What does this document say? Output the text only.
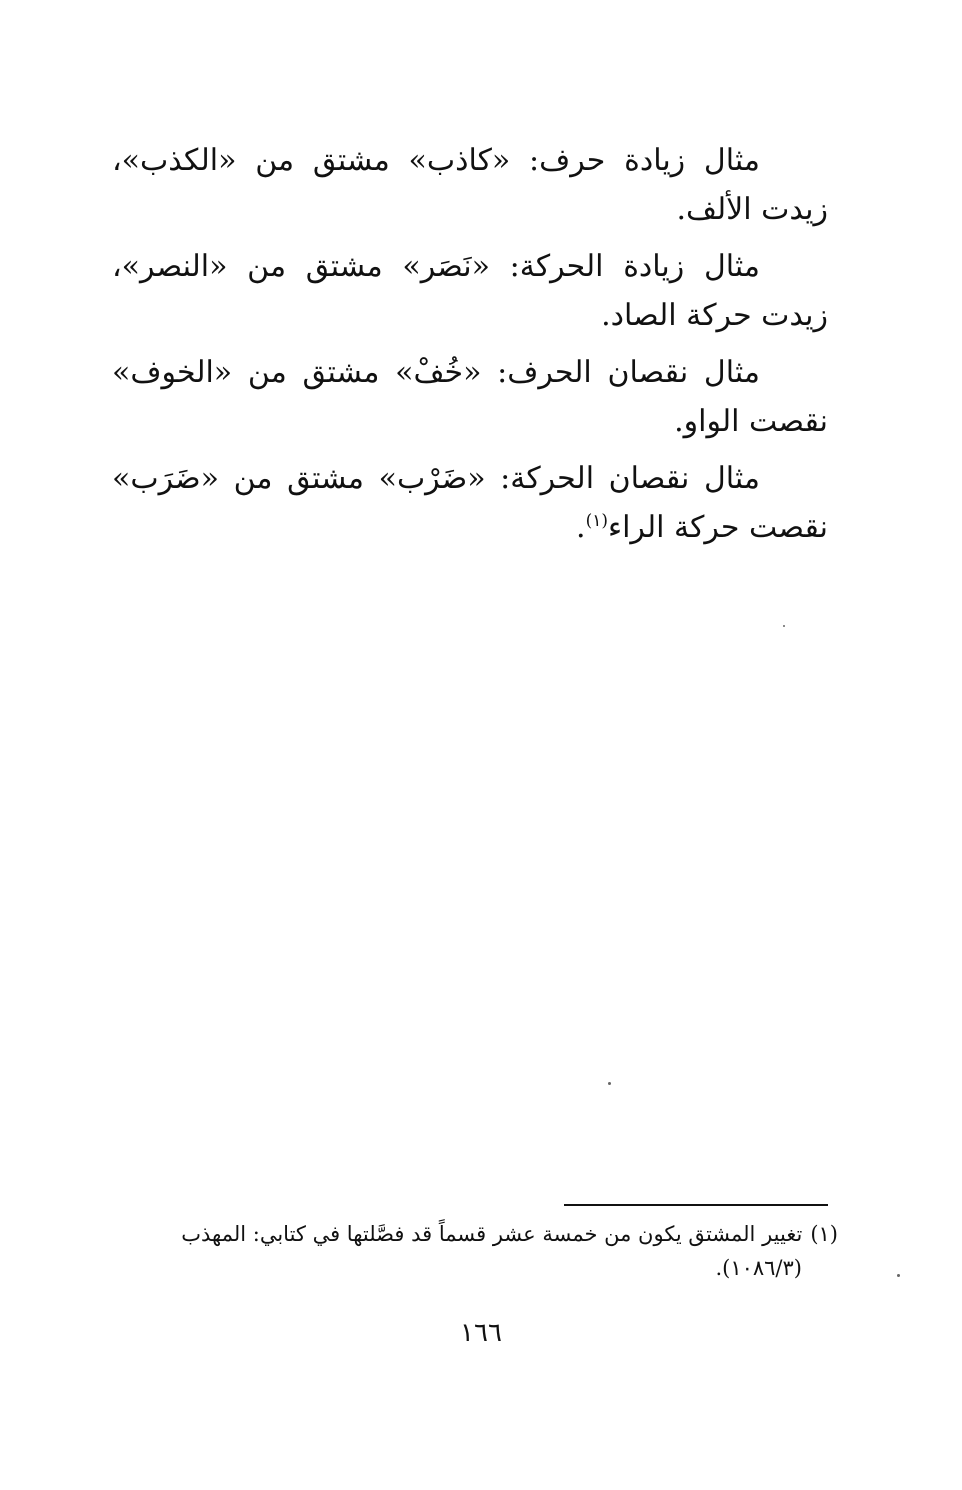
مثال زيادة حرف: «كاذب» مشتق من «الكذب»، زيدت الألف.

مثال زيادة الحركة: «نَصَر» مشتق من «النصر»، زيدت حركة الصاد.

مثال نقصان الحرف: «خُفْ» مشتق من «الخوف» نقصت الواو.

مثال نقصان الحركة: «ضَرْب» مشتق من «ضَرَب» نقصت حركة الراء$^{(١)}$.

(١)تغيير المشتق يكون من خمسة عشر قسماً قد فصَّلتها في كتابي: المهذب
(١٠٨٦/٣).
١٦٦
